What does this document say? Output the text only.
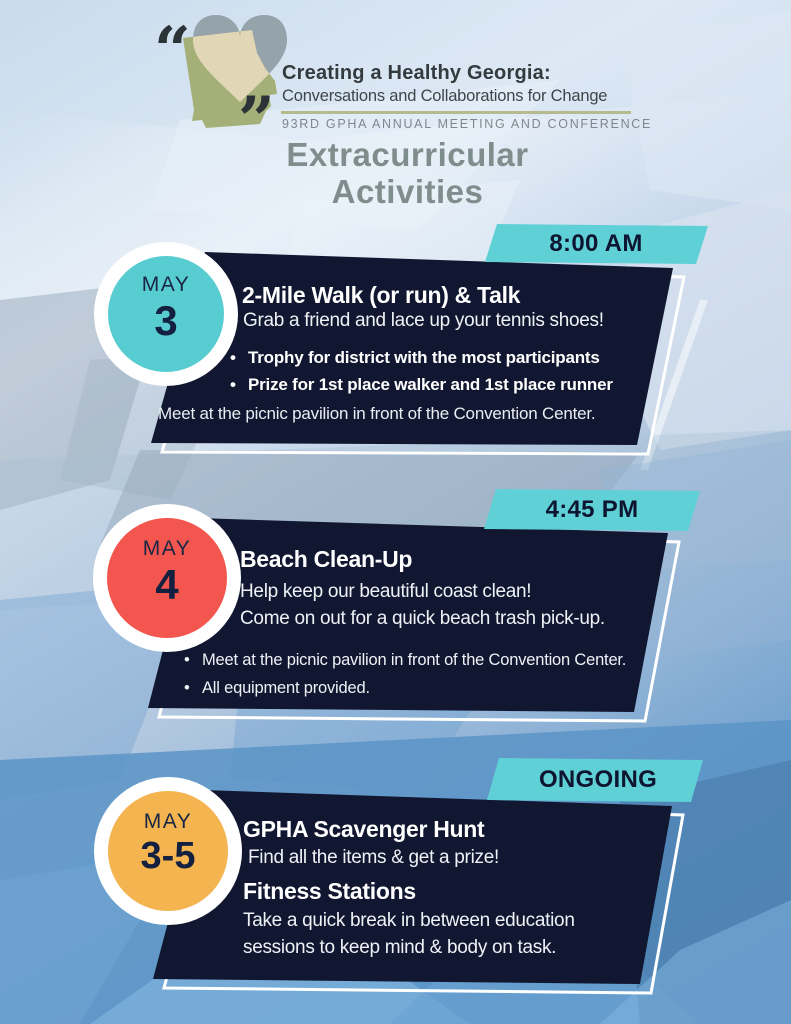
“
”
Creating a Healthy Georgia:
Conversations and Collaborations for Change
93RD GPHA ANNUAL MEETING AND CONFERENCE
Extracurricular
Activities
8:00 AM
MAY
3
2-Mile Walk (or run) & Talk
Grab a friend and lace up your tennis shoes!
• Trophy for district with the most participants
• Prize for 1st place walker and 1st place runner
Meet at the picnic pavilion in front of the Convention Center.
4:45 PM
MAY
4
Beach Clean-Up
Help keep our beautiful coast clean!
Come on out for a quick beach trash pick-up.
• Meet at the picnic pavilion in front of the Convention Center.
• All equipment provided.
ONGOING
MAY
3-5
GPHA Scavenger Hunt
Find all the items & get a prize!
Fitness Stations
Take a quick break in between education
sessions to keep mind & body on task.
